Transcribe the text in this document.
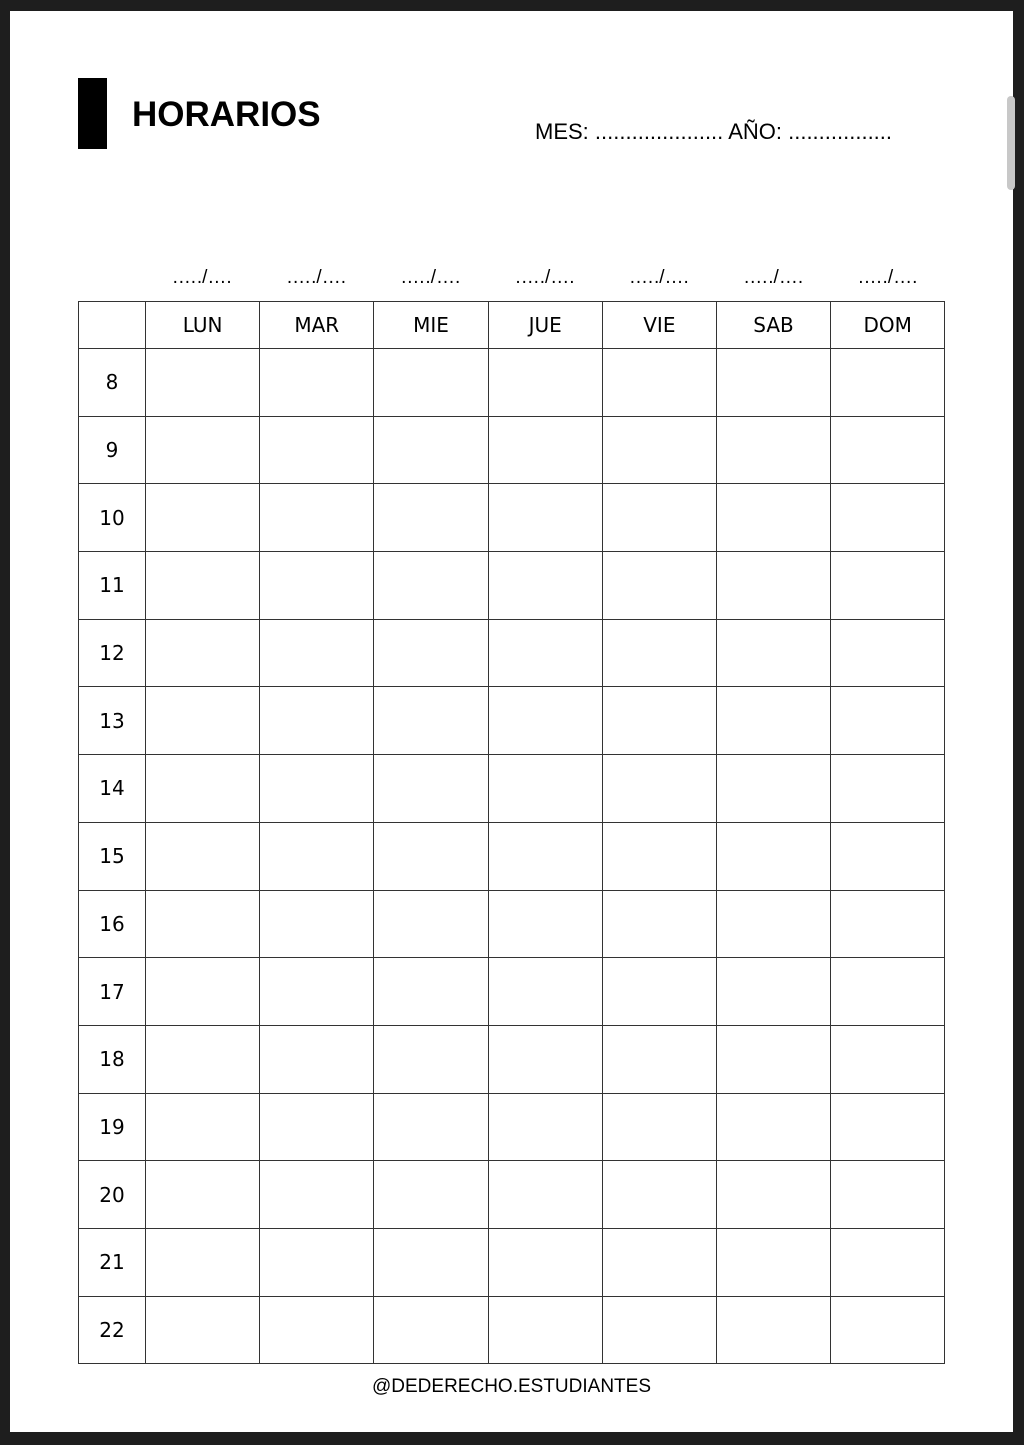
HORARIOS	MES: ..................... AÑO: .................
.…./….	.…./….	.…./….	.…./….	.…./….	.…./….	.…./….
	LUN	MAR	MIE	JUE	VIE	SAB	DOM
8							
9							
10							
11							
12							
13							
14							
15							
16							
17							
18							
19							
20							
21							
22							
@DEDERECHO.ESTUDIANTES
